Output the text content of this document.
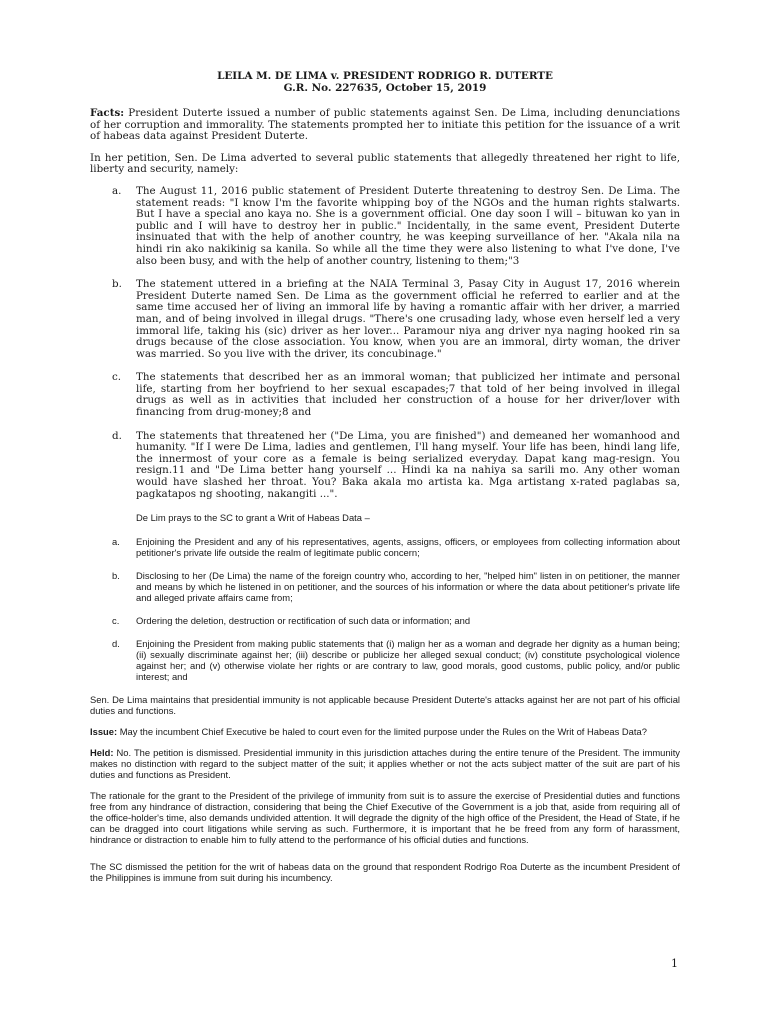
LEILA M. DE LIMA v. PRESIDENT RODRIGO R. DUTERTE
G.R. No. 227635, October 15, 2019

Facts: President Duterte issued a number of public statements against Sen. De Lima, including denunciations of her corruption and immorality. The statements prompted her to initiate this petition for the issuance of a writ of habeas data against President Duterte.

In her petition, Sen. De Lima adverted to several public statements that allegedly threatened her right to life, liberty and security, namely:

a. The August 11, 2016 public statement of President Duterte threatening to destroy Sen. De Lima. The statement reads: "I know I'm the favorite whipping boy of the NGOs and the human rights stalwarts. But I have a special ano kaya no. She is a government official. One day soon I will – bituwan ko yan in public and I will have to destroy her in public." Incidentally, in the same event, President Duterte insinuated that with the help of another country, he was keeping surveillance of her. "Akala nila na hindi rin ako nakikinig sa kanila. So while all the time they were also listening to what I've done, I've also been busy, and with the help of another country, listening to them;"3
b. The statement uttered in a briefing at the NAIA Terminal 3, Pasay City in August 17, 2016 wherein President Duterte named Sen. De Lima as the government official he referred to earlier and at the same time accused her of living an immoral life by having a romantic affair with her driver, a married man, and of being involved in illegal drugs. "There's one crusading lady, whose even herself led a very immoral life, taking his (sic) driver as her lover... Paramour niya ang driver nya naging hooked rin sa drugs because of the close association. You know, when you are an immoral, dirty woman, the driver was married. So you live with the driver, its concubinage."
c. The statements that described her as an immoral woman; that publicized her intimate and personal life, starting from her boyfriend to her sexual escapades;7 that told of her being involved in illegal drugs as well as in activities that included her construction of a house for her driver/lover with financing from drug-money;8 and
d. The statements that threatened her ("De Lima, you are finished") and demeaned her womanhood and humanity. "If I were De Lima, ladies and gentlemen, I'll hang myself. Your life has been, hindi lang life, the innermost of your core as a female is being serialized everyday. Dapat kang mag-resign. You resign.11 and "De Lima better hang yourself ... Hindi ka na nahiya sa sarili mo. Any other woman would have slashed her throat. You? Baka akala mo artista ka. Mga artistang x-rated paglabas sa, pagkatapos ng shooting, nakangiti ...".
De Lim prays to the SC to grant a Writ of Habeas Data –
a. Enjoining the President and any of his representatives, agents, assigns, officers, or employees from collecting information about petitioner's private life outside the realm of legitimate public concern;
b. Disclosing to her (De Lima) the name of the foreign country who, according to her, "helped him" listen in on petitioner, the manner and means by which he listened in on petitioner, and the sources of his information or where the data about petitioner's private life and alleged private affairs came from;
c. Ordering the deletion, destruction or rectification of such data or information; and
d. Enjoining the President from making public statements that (i) malign her as a woman and degrade her dignity as a human being; (ii) sexually discriminate against her; (iii) describe or publicize her alleged sexual conduct; (iv) constitute psychological violence against her; and (v) otherwise violate her rights or are contrary to law, good morals, good customs, public policy, and/or public interest; and

Sen. De Lima maintains that presidential immunity is not applicable because President Duterte's attacks against her are not part of his official duties and functions.

Issue: May the incumbent Chief Executive be haled to court even for the limited purpose under the Rules on the Writ of Habeas Data?

Held: No. The petition is dismissed. Presidential immunity in this jurisdiction attaches during the entire tenure of the President. The immunity makes no distinction with regard to the subject matter of the suit; it applies whether or not the acts subject matter of the suit are part of his duties and functions as President.

The rationale for the grant to the President of the privilege of immunity from suit is to assure the exercise of Presidential duties and functions free from any hindrance of distraction, considering that being the Chief Executive of the Government is a job that, aside from requiring all of the office-holder's time, also demands undivided attention. It will degrade the dignity of the high office of the President, the Head of State, if he can be dragged into court litigations while serving as such. Furthermore, it is important that he be freed from any form of harassment, hindrance or distraction to enable him to fully attend to the performance of his official duties and functions.

The SC dismissed the petition for the writ of habeas data on the ground that respondent Rodrigo Roa Duterte as the incumbent President of the Philippines is immune from suit during his incumbency.

1
